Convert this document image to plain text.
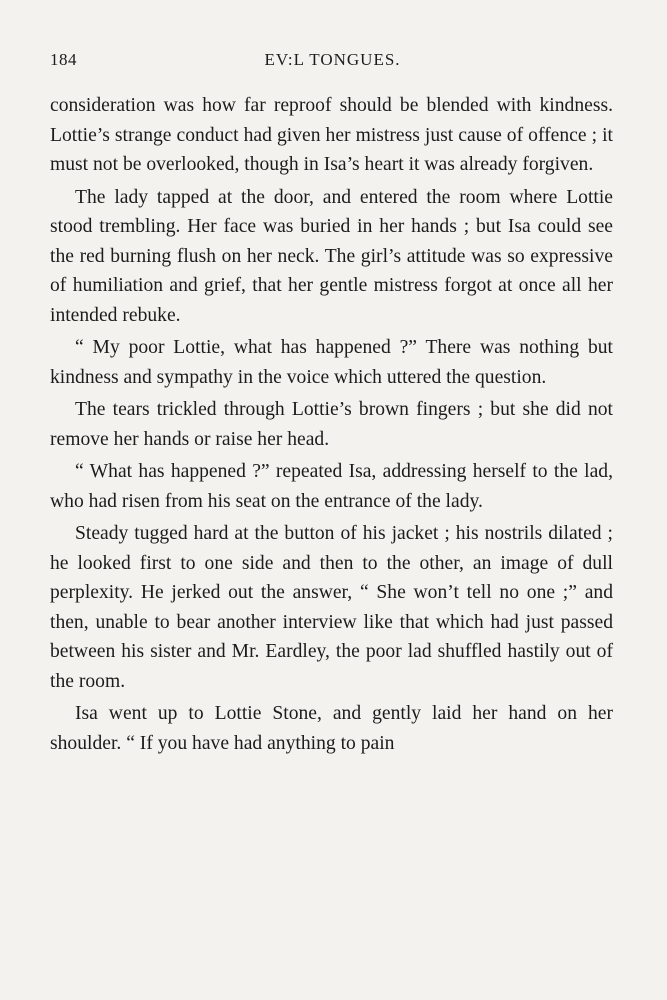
184	EV:L TONGUES.

consideration was how far reproof should be blended with kindness. Lottie’s strange conduct had given her mistress just cause of offence ; it must not be overlooked, though in Isa’s heart it was already forgiven.

The lady tapped at the door, and entered the room where Lottie stood trembling. Her face was buried in her hands ; but Isa could see the red burning flush on her neck. The girl’s attitude was so expressive of humiliation and grief, that her gentle mistress forgot at once all her intended rebuke.

“ My poor Lottie, what has happened ?” There was nothing but kindness and sympathy in the voice which uttered the question.

The tears trickled through Lottie’s brown fingers ; but she did not remove her hands or raise her head.

“ What has happened ?” repeated Isa, addressing herself to the lad, who had risen from his seat on the entrance of the lady.

Steady tugged hard at the button of his jacket ; his nostrils dilated ; he looked first to one side and then to the other, an image of dull perplexity. He jerked out the answer, “ She won’t tell no one ;” and then, unable to bear another interview like that which had just passed between his sister and Mr. Eardley, the poor lad shuffled hastily out of the room.

Isa went up to Lottie Stone, and gently laid her hand on her shoulder. “ If you have had anything to pain
